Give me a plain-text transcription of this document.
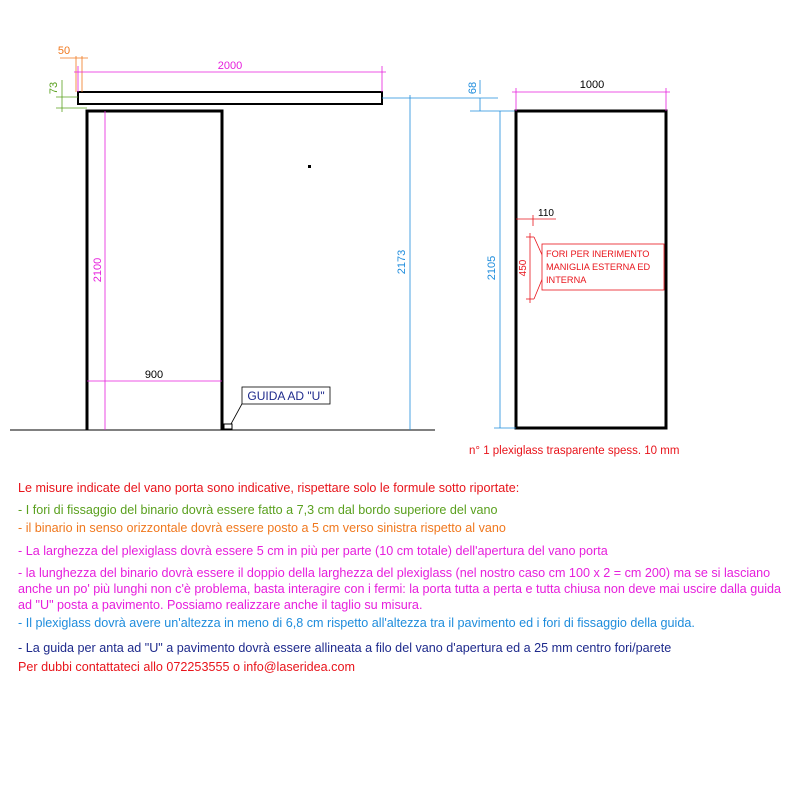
GUIDA AD "U"
50
2000
73
2100
900
2173
68	1000
2105
110
450
FORI PER INERIMENTO
MANIGLIA ESTERNA ED
INTERNA
n° 1 plexiglass trasparente spess. 10 mm

Le misure indicate del vano porta sono indicative, rispettare solo le formule sotto riportate:

- I fori di fissaggio del binario dovrà essere fatto a 7,3 cm dal bordo superiore del vano

- il binario in senso orizzontale dovrà essere posto a 5 cm verso sinistra rispetto al vano

- La larghezza del plexiglass dovrà essere 5 cm in più per parte (10 cm totale) dell'apertura del vano porta

- la lunghezza del binario dovrà essere il doppio della larghezza del plexiglass (nel nostro caso cm 100 x 2 = cm 200) ma se si lasciano anche un po' più lunghi non c'è problema, basta interagire con i fermi: la porta tutta a perta e tutta chiusa non deve mai uscire dalla guida ad "U" posta a pavimento. Possiamo realizzare anche il taglio su misura.

- Il plexiglass dovrà avere un'altezza in meno di 6,8 cm rispetto all'altezza tra il pavimento ed i fori di fissaggio della guida.

- La guida per anta ad "U" a pavimento dovrà essere allineata a filo del vano d'apertura ed a 25 mm centro fori/parete

Per dubbi contattateci allo 072253555 o info@laseridea.com
